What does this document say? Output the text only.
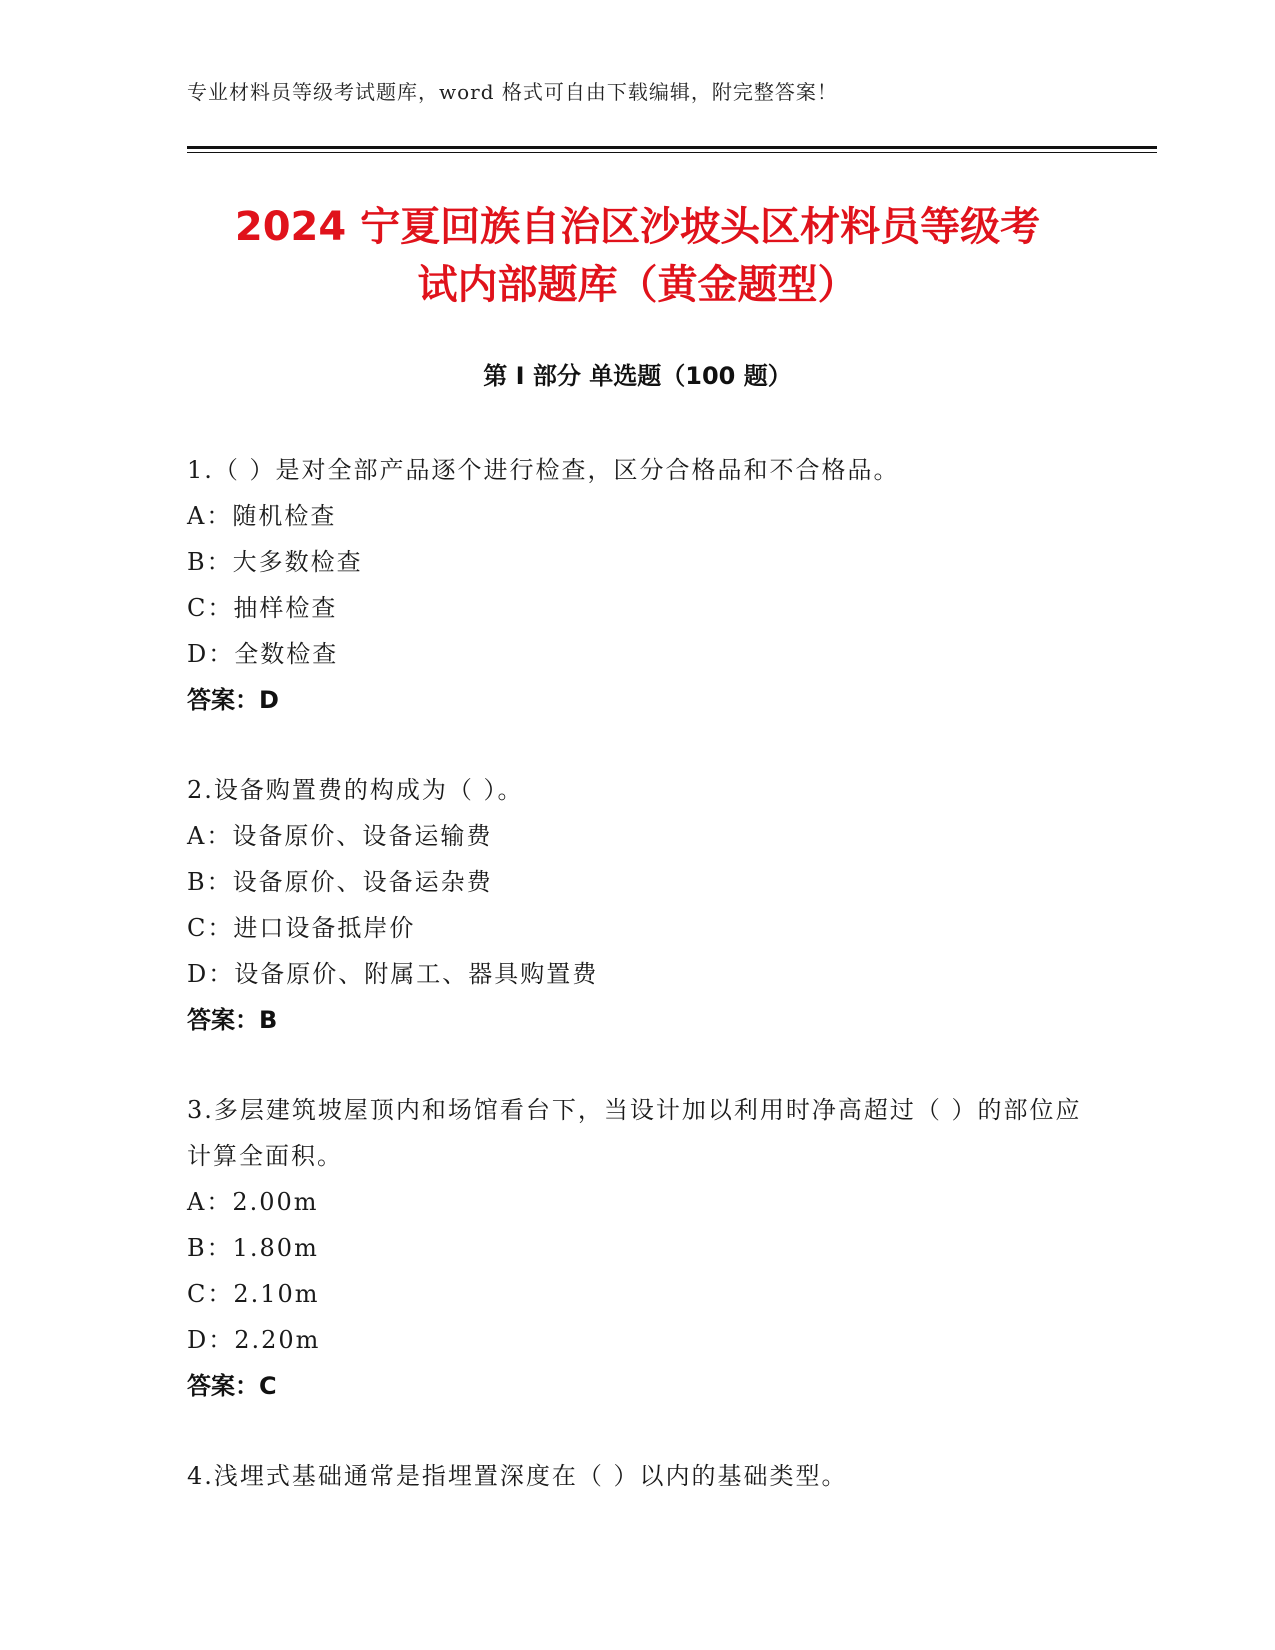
专业材料员等级考试题库，word 格式可自由下载编辑，附完整答案！
2024 宁夏回族自治区沙坡头区材料员等级考
试内部题库（黄金题型）
第 I 部分 单选题（100 题）

1.（ ）是对全部产品逐个进行检查，区分合格品和不合格品。

A：随机检查

B：大多数检查

C：抽样检查

D：全数检查

答案：D

2.设备购置费的构成为（ ）。

A：设备原价、设备运输费

B：设备原价、设备运杂费

C：进口设备抵岸价

D：设备原价、附属工、器具购置费

答案：B

3.多层建筑坡屋顶内和场馆看台下，当设计加以利用时净高超过（ ）的部位应计算全面积。

A：2.00m

B：1.80m

C：2.10m

D：2.20m

答案：C

4.浅埋式基础通常是指埋置深度在（ ）以内的基础类型。
